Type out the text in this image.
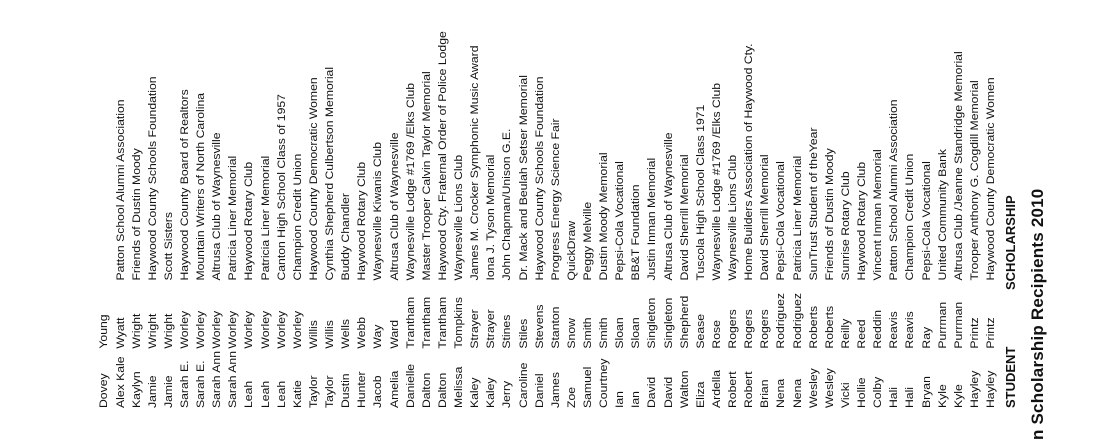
n Scholarship Recipients 2010
STUDENT
SCHOLARSHIP
Hayley
Printz
Haywood County Democratic Women
Hayley
Printz
Trooper Anthony G. Cogdill Memorial
Kyle
Purrman
Altrusa Club /Jeanne Standridge Memorial
Kyle
Purrman
United Community Bank
Bryan
Ray
Pepsi-Cola Vocational
Hali
Reavis
Champion Credit Union
Hali
Reavis
Patton School Alumni Association
Colby
Reddin
Vincent Inman Memorial
Hollie
Reed
Haywood Rotary Club
Vicki
Reilly
Sunrise Rotary Club
Wesley
Roberts
Friends of Dustin Moody
Wesley
Roberts
SunTrust Student of theYear
Nena
Rodriguez
Patricia Liner Memorial
Nena
Rodriguez
Pepsi-Cola Vocational
Brian
Rogers
David Sherrill Memorial
Robert
Rogers
Home Builders Association of Haywood Cty.
Robert
Rogers
Waynesville Lions Club
Ardella
Rose
Waynesville Lodge #1769 /Elks Club
Eliza
Sease
Tuscola High School Class 1971
Walton
Shepherd
David Sherrill Memorial
David
Singleton
Altrusa Club of Waynesville
David
Singleton
Justin Inman Memorial
Ian
Sloan
BB&T Foundation
Ian
Sloan
Pepsi-Cola Vocational
Courtney
Smith
Dustin Moody Memorial
Samuel
Smith
Peggy Melville
Zoe
Snow
QuickDraw
James
Stanton
Progress Energy Science Fair
Daniel
Stevens
Haywood County Schools Foundation
Caroline
Stiles
Dr. Mack and Beulah Setser Memorial
Jerry
Stines
John Chapman/Unison G.E.
Kaley
Strayer
Iona J. Tyson Memorial
Kaley
Strayer
James M. Crocker Symphonic Music Award
Melissa
Tompkins
Waynesville Lions Club
Dalton
Trantham
Haywood Cty. Fraternal Order of Police Lodge
Dalton
Trantham
Master Trooper Calvin Taylor Memorial
Danielle
Trantham
Waynesville Lodge #1769 /Elks Club
Amelia
Ward
Altrusa Club of Waynesville
Jacob
Way
Waynesville Kiwanis Club
Hunter
Webb
Haywood Rotary Club
Dustin
Wells
Buddy Chandler
Taylor
Willis
Cynthia Shepherd Culbertson Memorial
Taylor
Willis
Haywood County Democratic Women
Katie
Worley
Champion Credit Union
Leah
Worley
Canton High School Class of 1957
Leah
Worley
Patricia Liner Memorial
Leah
Worley
Haywood Rotary Club
Sarah Ann
Worley
Patricia Liner Memorial
Sarah Ann
Worley
Altrusa Club of Waynesville
Sarah E.
Worley
Mountain Writers of North Carolina
Sarah E.
Worley
Haywood County Board of Realtors
Jamie
Wright
Scott Sisters
Jamie
Wright
Haywood County Schools Foundation
Kaylyn
Wright
Friends of Dustin Moody
Alex Kale
Wyatt
Patton School Alumni Association
Dovey
Young
